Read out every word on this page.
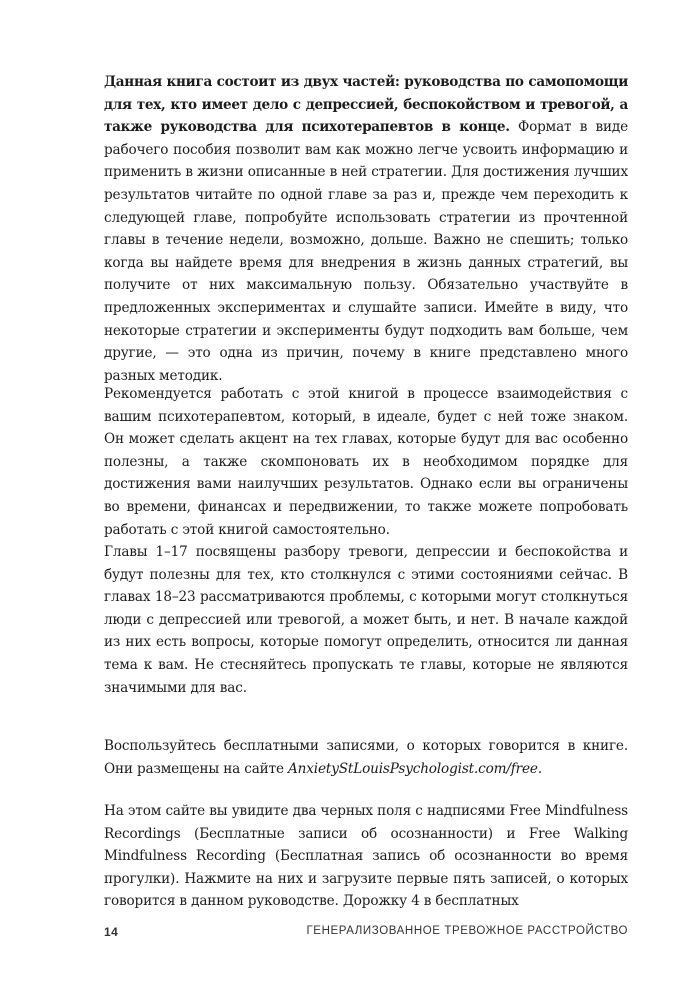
Данная книга состоит из двух частей: руководства по самопомощи для тех, кто имеет дело с депрессией, беспокойством и тревогой, а также руководства для психотерапевтов в конце. Формат в виде рабочего пособия позволит вам как можно легче усвоить информацию и применить в жизни описанные в ней стратегии. Для достижения лучших результатов читайте по одной главе за раз и, прежде чем переходить к следующей главе, попробуйте использовать стратегии из прочтенной главы в течение недели, возможно, дольше. Важно не спешить; только когда вы найдете время для внедрения в жизнь данных стратегий, вы получите от них максимальную пользу. Обязательно участвуйте в предложенных экспериментах и слушайте записи. Имейте в виду, что некоторые стратегии и эксперименты будут подходить вам больше, чем другие, — это одна из причин, почему в книге представлено много разных методик.

Рекомендуется работать с этой книгой в процессе взаимодействия с вашим психотерапевтом, который, в идеале, будет с ней тоже знаком. Он может сделать акцент на тех главах, которые будут для вас особенно полезны, а также скомпоновать их в необходимом порядке для достижения вами наилучших результатов. Однако если вы ограничены во времени, финансах и передвижении, то также можете попробовать работать с этой книгой самостоятельно.

Главы 1–17 посвящены разбору тревоги, депрессии и беспокойства и будут полезны для тех, кто столкнулся с этими состояниями сейчас. В главах 18–23 рассматриваются проблемы, с которыми могут столкнуться люди с депрессией или тревогой, а может быть, и нет. В начале каждой из них есть вопросы, которые помогут определить, относится ли данная тема к вам. Не стесняйтесь пропускать те главы, которые не являются значимыми для вас.

Воспользуйтесь бесплатными записями, о которых говорится в книге. Они размещены на сайте AnxietyStLouisPsychologist.com/free.

На этом сайте вы увидите два черных поля с надписями Free Mindfulness Recordings (Бесплатные записи об осознанности) и Free Walking Mindfulness Recording (Бесплатная запись об осознанности во время прогулки). Нажмите на них и загрузите первые пять записей, о которых говорится в данном руководстве. Дорожку 4 в бесплатных

14	ГЕНЕРАЛИЗОВАННОЕ ТРЕВОЖНОЕ РАССТРОЙСТВО
